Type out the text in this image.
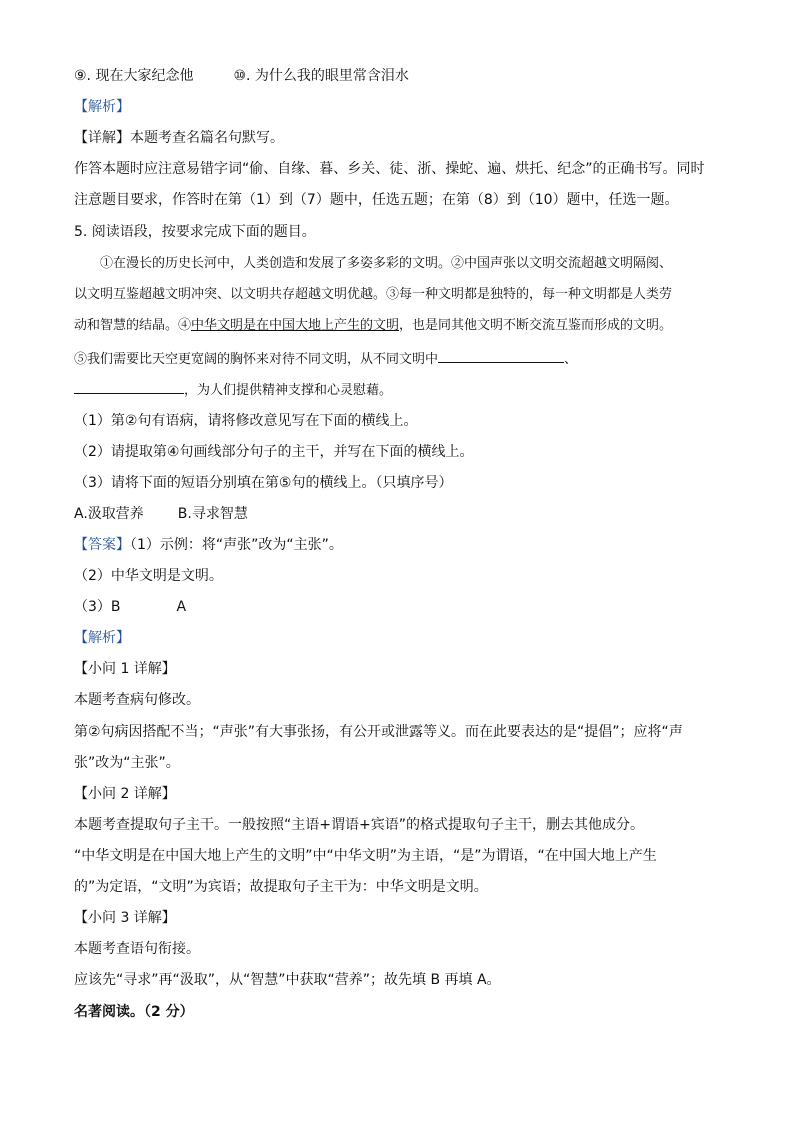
⑨. 现在大家纪念他	⑩. 为什么我的眼里常含泪水
【解析】
【详解】本题考查名篇名句默写。
作答本题时应注意易错字词“偷、自缘、暮、乡关、徒、浙、操蛇、遍、烘托、纪念”的正确书写。同时
注意题目要求，作答时在第（1）到（7）题中，任选五题；在第（8）到（10）题中，任选一题。
5. 阅读语段，按要求完成下面的题目。
①在漫长的历史长河中，人类创造和发展了多姿多彩的文明。②中国声张以文明交流超越文明隔阂、
以文明互鉴超越文明冲突、以文明共存超越文明优越。③每一种文明都是独特的，每一种文明都是人类劳
动和智慧的结晶。④中华文明是在中国大地上产生的文明，也是同其他文明不断交流互鉴而形成的文明。
⑤我们需要比天空更宽阔的胸怀来对待不同文明，从不同文明中	、
，为人们提供精神支撑和心灵慰藉。
（1）第②句有语病，请将修改意见写在下面的横线上。
（2）请提取第④句画线部分句子的主干，并写在下面的横线上。
（3）请将下面的短语分别填在第⑤句的横线上。（只填序号）
A.汲取营养 B.寻求智慧
【答案】（1）示例：将“声张”改为“主张”。
（2）中华文明是文明。
（3）B	A
【解析】
【小问 1 详解】
本题考查病句修改。
第②句病因搭配不当；“声张”有大事张扬，有公开或泄露等义。而在此要表达的是“提倡”；应将“声
张”改为“主张”。
【小问 2 详解】
本题考查提取句子主干。一般按照“主语+谓语+宾语”的格式提取句子主干，删去其他成分。
“中华文明是在中国大地上产生的文明”中“中华文明”为主语，“是”为谓语，“在中国大地上产生
的”为定语，“文明”为宾语；故提取句子主干为：中华文明是文明。
【小问 3 详解】
本题考查语句衔接。
应该先“寻求”再“汲取”，从“智慧”中获取“营养”；故先填 B 再填 A。
名著阅读。（2 分）
